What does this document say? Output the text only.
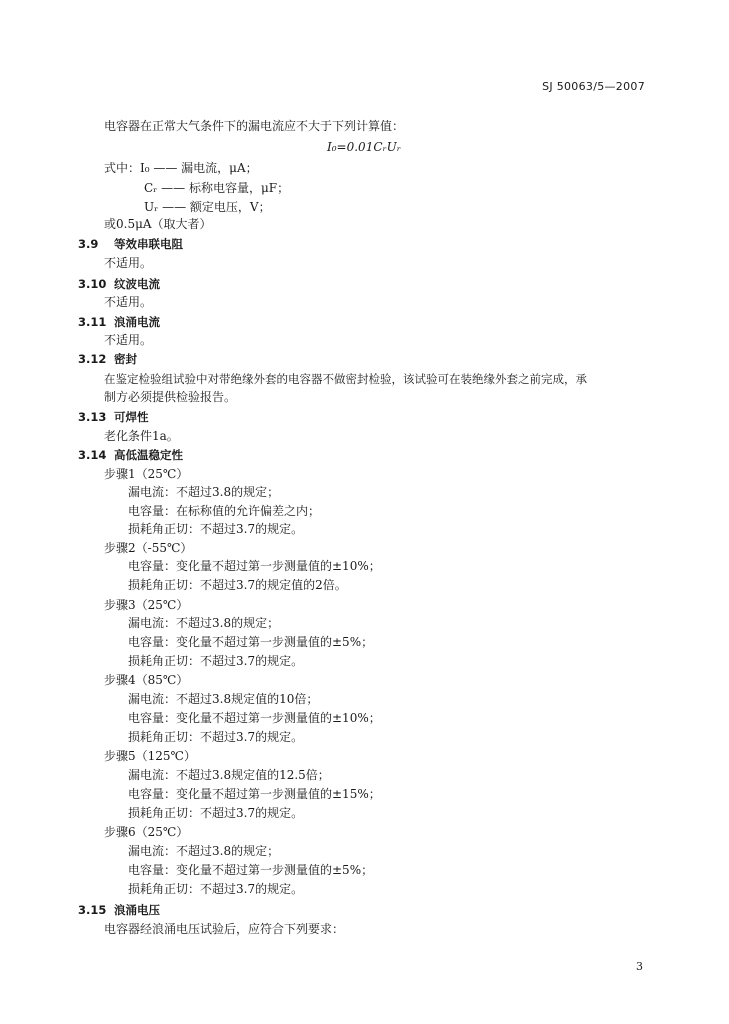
SJ 50063/5—2007
电容器在正常大气条件下的漏电流应不大于下列计算值：
I₀=0.01CᵣUᵣ
式中：I₀ —— 漏电流，μA；
Cᵣ —— 标称电容量，μF；
Uᵣ —— 额定电压，V；
或0.5μA（取大者）
3.9 等效串联电阻
不适用。
3.10 纹波电流
不适用。
3.11 浪涌电流
不适用。
3.12 密封
在鉴定检验组试验中对带绝缘外套的电容器不做密封检验，该试验可在装绝缘外套之前完成，承
制方必须提供检验报告。
3.13 可焊性
老化条件1a。
3.14 高低温稳定性
步骤1（25℃）
漏电流：不超过3.8的规定；
电容量：在标称值的允许偏差之内；
损耗角正切：不超过3.7的规定。
步骤2（-55℃）
电容量：变化量不超过第一步测量值的±10%；
损耗角正切：不超过3.7的规定值的2倍。
步骤3（25℃）
漏电流：不超过3.8的规定；
电容量：变化量不超过第一步测量值的±5%；
损耗角正切：不超过3.7的规定。
步骤4（85℃）
漏电流：不超过3.8规定值的10倍；
电容量：变化量不超过第一步测量值的±10%；
损耗角正切：不超过3.7的规定。
步骤5（125℃）
漏电流：不超过3.8规定值的12.5倍；
电容量：变化量不超过第一步测量值的±15%；
损耗角正切：不超过3.7的规定。
步骤6（25℃）
漏电流：不超过3.8的规定；
电容量：变化量不超过第一步测量值的±5%；
损耗角正切：不超过3.7的规定。
3.15 浪涌电压
电容器经浪涌电压试验后，应符合下列要求：
3
